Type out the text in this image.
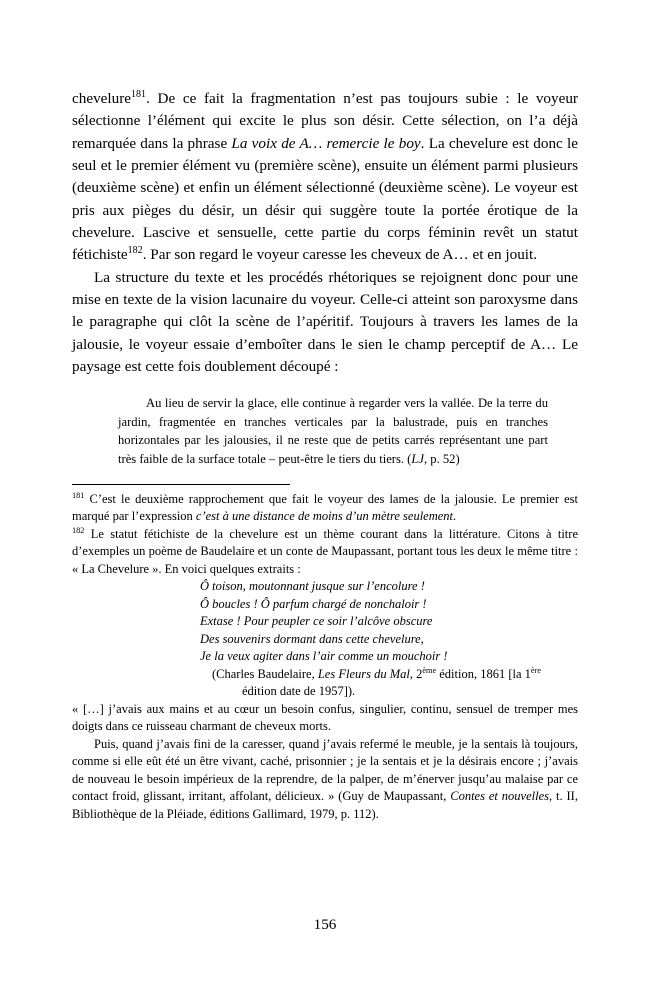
chevelure$^{181}$. De ce fait la fragmentation n’est pas toujours subie : le voyeur sélectionne l’élément qui excite le plus son désir. Cette sélection, on l’a déjà remarquée dans la phrase La voix de A… remercie le boy. La chevelure est donc le seul et le premier élément vu (première scène), ensuite un élément parmi plusieurs (deuxième scène) et enfin un élément sélectionné (deuxième scène). Le voyeur est pris aux pièges du désir, un désir qui suggère toute la portée érotique de la chevelure. Lascive et sensuelle, cette partie du corps féminin revêt un statut fétichiste$^{182}$. Par son regard le voyeur caresse les cheveux de A… et en jouit.

La structure du texte et les procédés rhétoriques se rejoignent donc pour une mise en texte de la vision lacunaire du voyeur. Celle-ci atteint son paroxysme dans le paragraphe qui clôt la scène de l’apéritif. Toujours à travers les lames de la jalousie, le voyeur essaie d’emboîter dans le sien le champ perceptif de A… Le paysage est cette fois doublement découpé :

Au lieu de servir la glace, elle continue à regarder vers la vallée. De la terre du jardin, fragmentée en tranches verticales par la balustrade, puis en tranches horizontales par les jalousies, il ne reste que de petits carrés représentant une part très faible de la surface totale – peut-être le tiers du tiers. (LJ, p. 52)

$^{181}$ C’est le deuxième rapprochement que fait le voyeur des lames de la jalousie. Le premier est marqué par l’expression c’est à une distance de moins d’un mètre seulement.

$^{182}$ Le statut fétichiste de la chevelure est un thème courant dans la littérature. Citons à titre d’exemples un poème de Baudelaire et un conte de Maupassant, portant tous les deux le même titre : « La Chevelure ». En voici quelques extraits :

Ô toison, moutonnant jusque sur l’encolure !
Ô boucles ! Ô parfum chargé de nonchaloir !
Extase ! Pour peupler ce soir l’alcôve obscure
Des souvenirs dormant dans cette chevelure,
Je la veux agiter dans l’air comme un mouchoir !
(Charles Baudelaire, Les Fleurs du Mal, 2ème édition, 1861 [la 1ère
édition date de 1957]).

« […] j’avais aux mains et au cœur un besoin confus, singulier, continu, sensuel de tremper mes doigts dans ce ruisseau charmant de cheveux morts.

Puis, quand j’avais fini de la caresser, quand j’avais refermé le meuble, je la sentais là toujours, comme si elle eût été un être vivant, caché, prisonnier ; je la sentais et je la désirais encore ; j’avais de nouveau le besoin impérieux de la reprendre, de la palper, de m’énerver jusqu’au malaise par ce contact froid, glissant, irritant, affolant, délicieux. » (Guy de Maupassant, Contes et nouvelles, t. II, Bibliothèque de la Pléiade, éditions Gallimard, 1979, p. 112).

156
